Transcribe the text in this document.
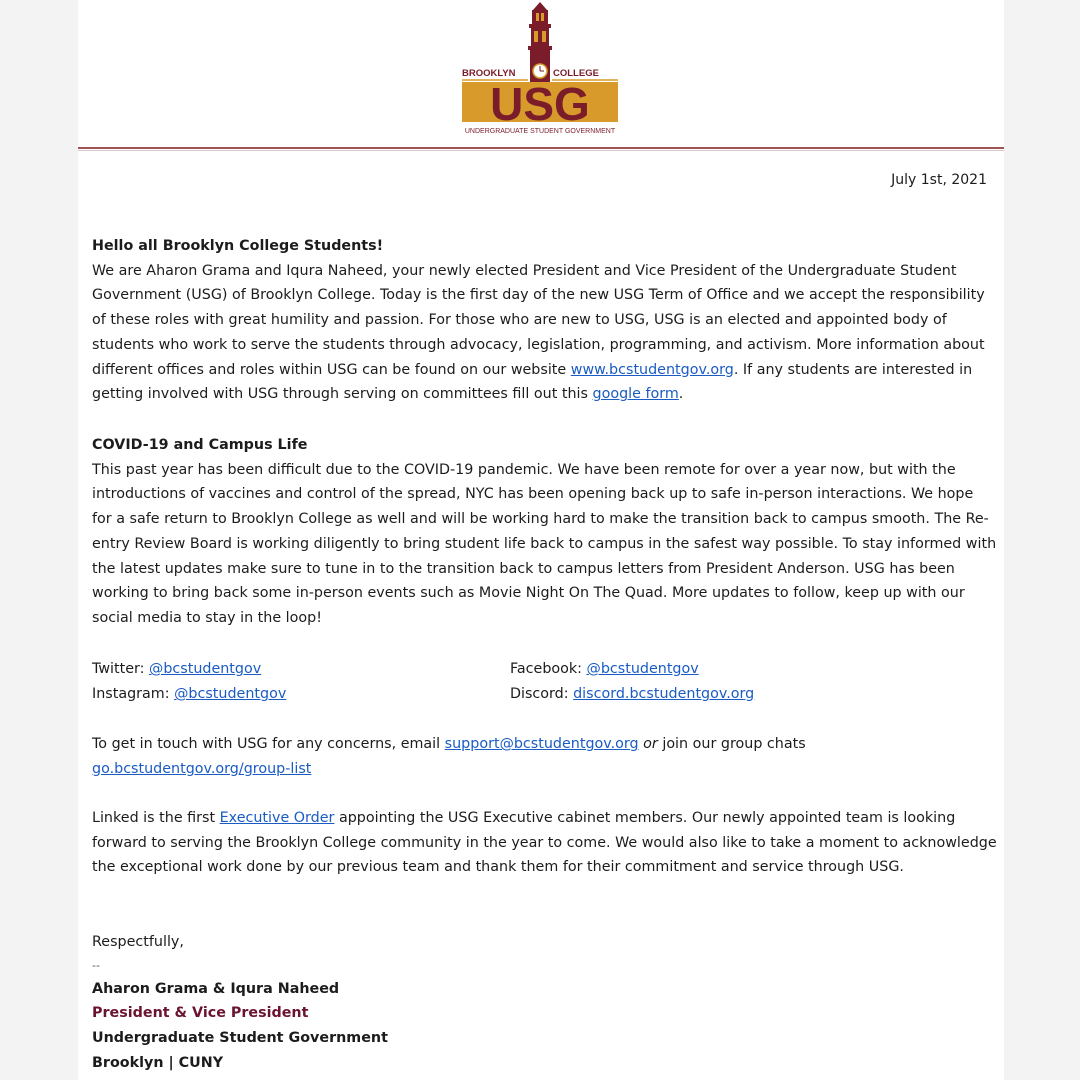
BROOKLYN	COLLEGE
USG
UNDERGRADUATE STUDENT GOVERNMENT
July 1st, 2021
Hello all Brooklyn College Students!
We are Aharon Grama and Iqura Naheed, your newly elected President and Vice President of the Undergraduate Student Government (USG) of Brooklyn College. Today is the first day of the new USG Term of Office and we accept the responsibility of these roles with great humility and passion. For those who are new to USG, USG is an elected and appointed body of students who work to serve the students through advocacy, legislation, programming, and activism. More information about different offices and roles within USG can be found on our website www.bcstudentgov.org. If any students are interested in getting involved with USG through serving on committees fill out this google form.
COVID-19 and Campus Life
This past year has been difficult due to the COVID-19 pandemic. We have been remote for over a year now, but with the introductions of vaccines and control of the spread, NYC has been opening back up to safe in-person interactions. We hope for a safe return to Brooklyn College as well and will be working hard to make the transition back to campus smooth. The Re-entry Review Board is working diligently to bring student life back to campus in the safest way possible. To stay informed with the latest updates make sure to tune in to the transition back to campus letters from President Anderson. USG has been working to bring back some in-person events such as Movie Night On The Quad. More updates to follow, keep up with our social media to stay in the loop!
Twitter: @bcstudentgov	Facebook: @bcstudentgov
Instagram: @bcstudentgov	Discord: discord.bcstudentgov.org
To get in touch with USG for any concerns, email support@bcstudentgov.org or join our group chats
go.bcstudentgov.org/group-list
Linked is the first Executive Order appointing the USG Executive cabinet members. Our newly appointed team is looking forward to serving the Brooklyn College community in the year to come. We would also like to take a moment to acknowledge the exceptional work done by our previous team and thank them for their commitment and service through USG.
Respectfully,
--
Aharon Grama & Iqura Naheed
President & Vice President
Undergraduate Student Government
Brooklyn | CUNY
